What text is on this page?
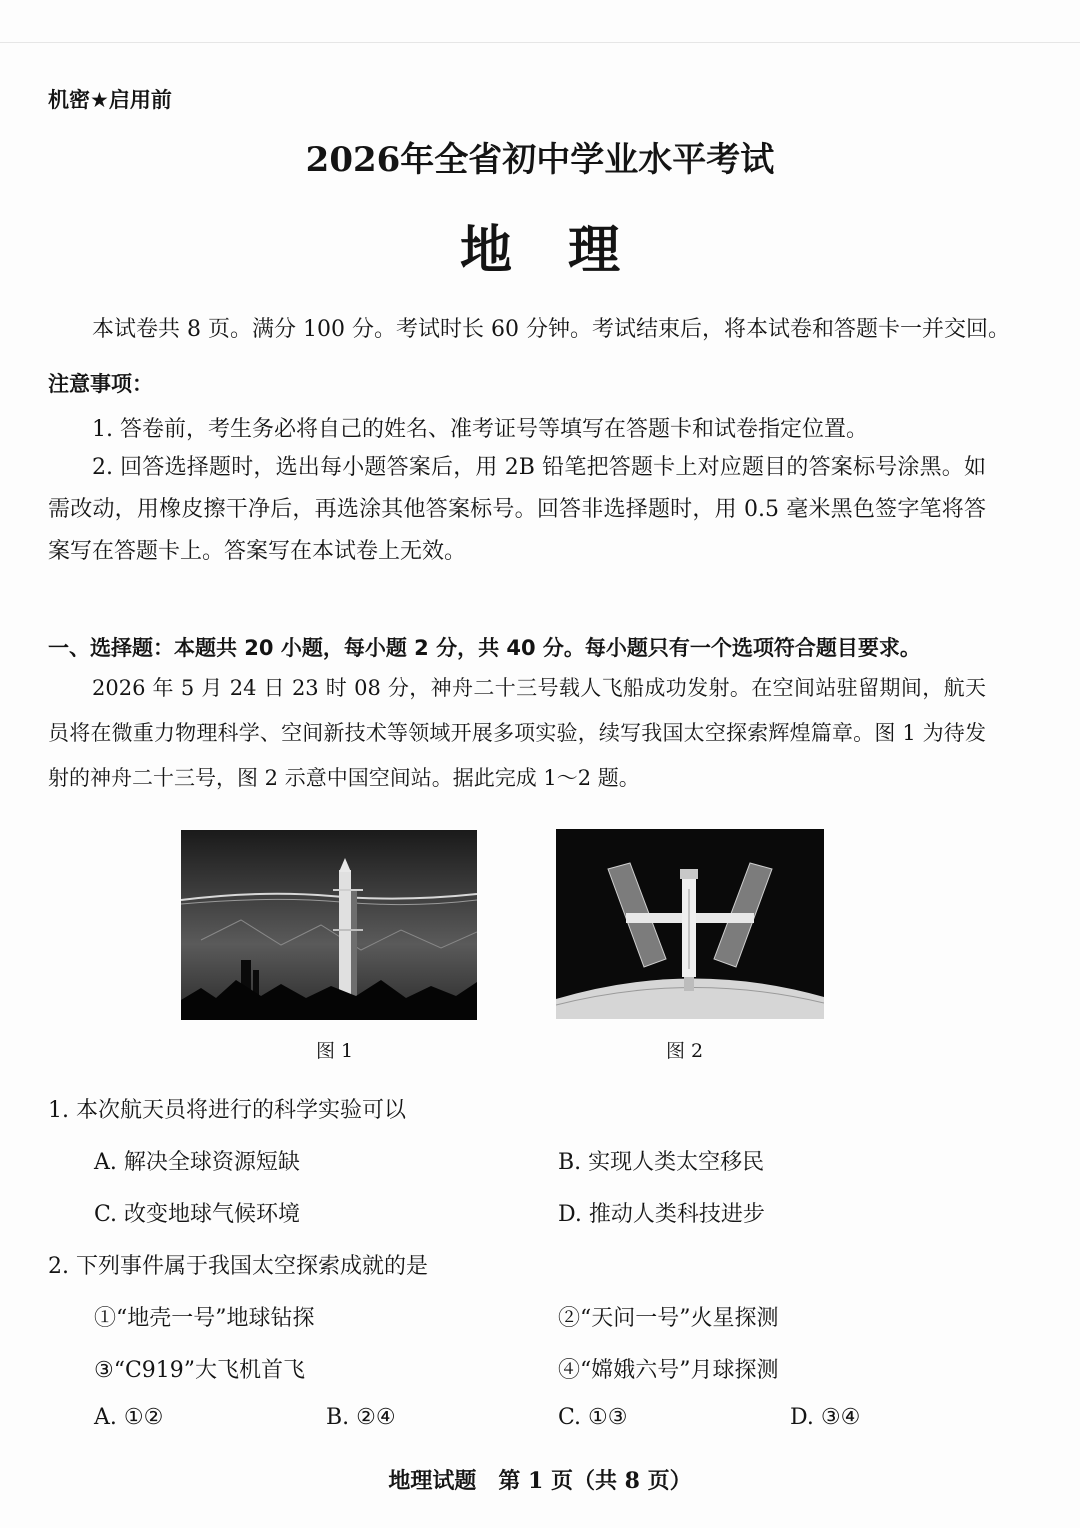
机密★启用前
2026年全省初中学业水平考试
地理
本试卷共 8 页。满分 100 分。考试时长 60 分钟。考试结束后，将本试卷和答题卡一并交回。
注意事项：
1. 答卷前，考生务必将自己的姓名、准考证号等填写在答题卡和试卷指定位置。
2. 回答选择题时，选出每小题答案后，用 2B 铅笔把答题卡上对应题目的答案标号涂黑。如需改动，用橡皮擦干净后，再选涂其他答案标号。回答非选择题时，用 0.5 毫米黑色签字笔将答案写在答题卡上。答案写在本试卷上无效。
一、选择题：本题共 20 小题，每小题 2 分，共 40 分。每小题只有一个选项符合题目要求。
2026 年 5 月 24 日 23 时 08 分，神舟二十三号载人飞船成功发射。在空间站驻留期间，航天员将在微重力物理科学、空间新技术等领域开展多项实验，续写我国太空探索辉煌篇章。图 1 为待发射的神舟二十三号，图 2 示意中国空间站。据此完成 1～2 题。
图 1	图 2
1. 本次航天员将进行的科学实验可以
A. 解决全球资源短缺	B. 实现人类太空移民
C. 改变地球气候环境	D. 推动人类科技进步
2. 下列事件属于我国太空探索成就的是
①“地壳一号”地球钻探	②“天问一号”火星探测
③“C919”大飞机首飞	④“嫦娥六号”月球探测
A. ①②	B. ②④	C. ①③	D. ③④
地理试题　第 1 页（共 8 页）
